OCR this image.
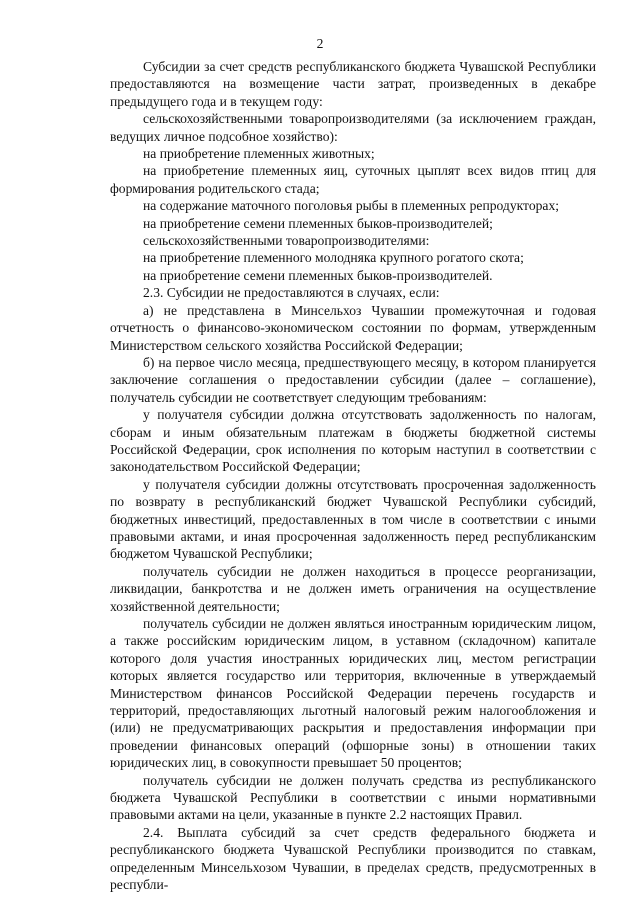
2

Субсидии за счет средств республиканского бюджета Чувашской Республики предоставляются на возмещение части затрат, произведенных в декабре предыдущего года и в текущем году:

сельскохозяйственными товаропроизводителями (за исключением граждан, ведущих личное подсобное хозяйство):

на приобретение племенных животных;

на приобретение племенных яиц, суточных цыплят всех видов птиц для формирования родительского стада;

на содержание маточного поголовья рыбы в племенных репродукторах;

на приобретение семени племенных быков-производителей;

сельскохозяйственными товаропроизводителями:

на приобретение племенного молодняка крупного рогатого скота;

на приобретение семени племенных быков-производителей.

2.3. Субсидии не предоставляются в случаях, если:

а) не представлена в Минсельхоз Чувашии промежуточная и годовая отчетность о финансово-экономическом состоянии по формам, утвержденным Министерством сельского хозяйства Российской Федерации;

б) на первое число месяца, предшествующего месяцу, в котором планируется заключение соглашения о предоставлении субсидии (далее – соглашение), получатель субсидии не соответствует следующим требованиям:

у получателя субсидии должна отсутствовать задолженность по налогам, сборам и иным обязательным платежам в бюджеты бюджетной системы Российской Федерации, срок исполнения по которым наступил в соответствии с законодательством Российской Федерации;

у получателя субсидии должны отсутствовать просроченная задолженность по возврату в республиканский бюджет Чувашской Республики субсидий, бюджетных инвестиций, предоставленных в том числе в соответствии с иными правовыми актами, и иная просроченная задолженность перед республиканским бюджетом Чувашской Республики;

получатель субсидии не должен находиться в процессе реорганизации, ликвидации, банкротства и не должен иметь ограничения на осуществление хозяйственной деятельности;

получатель субсидии не должен являться иностранным юридическим лицом, а также российским юридическим лицом, в уставном (складочном) капитале которого доля участия иностранных юридических лиц, местом регистрации которых является государство или территория, включенные в утверждаемый Министерством финансов Российской Федерации перечень государств и территорий, предоставляющих льготный налоговый режим налогообложения и (или) не предусматривающих раскрытия и предоставления информации при проведении финансовых операций (офшорные зоны) в отношении таких юридических лиц, в совокупности превышает 50 процентов;

получатель субсидии не должен получать средства из республиканского бюджета Чувашской Республики в соответствии с иными нормативными правовыми актами на цели, указанные в пункте 2.2 настоящих Правил.

2.4. Выплата субсидий за счет средств федерального бюджета и республиканского бюджета Чувашской Республики производится по ставкам, определенным Минсельхозом Чувашии, в пределах средств, предусмотренных в республи-
